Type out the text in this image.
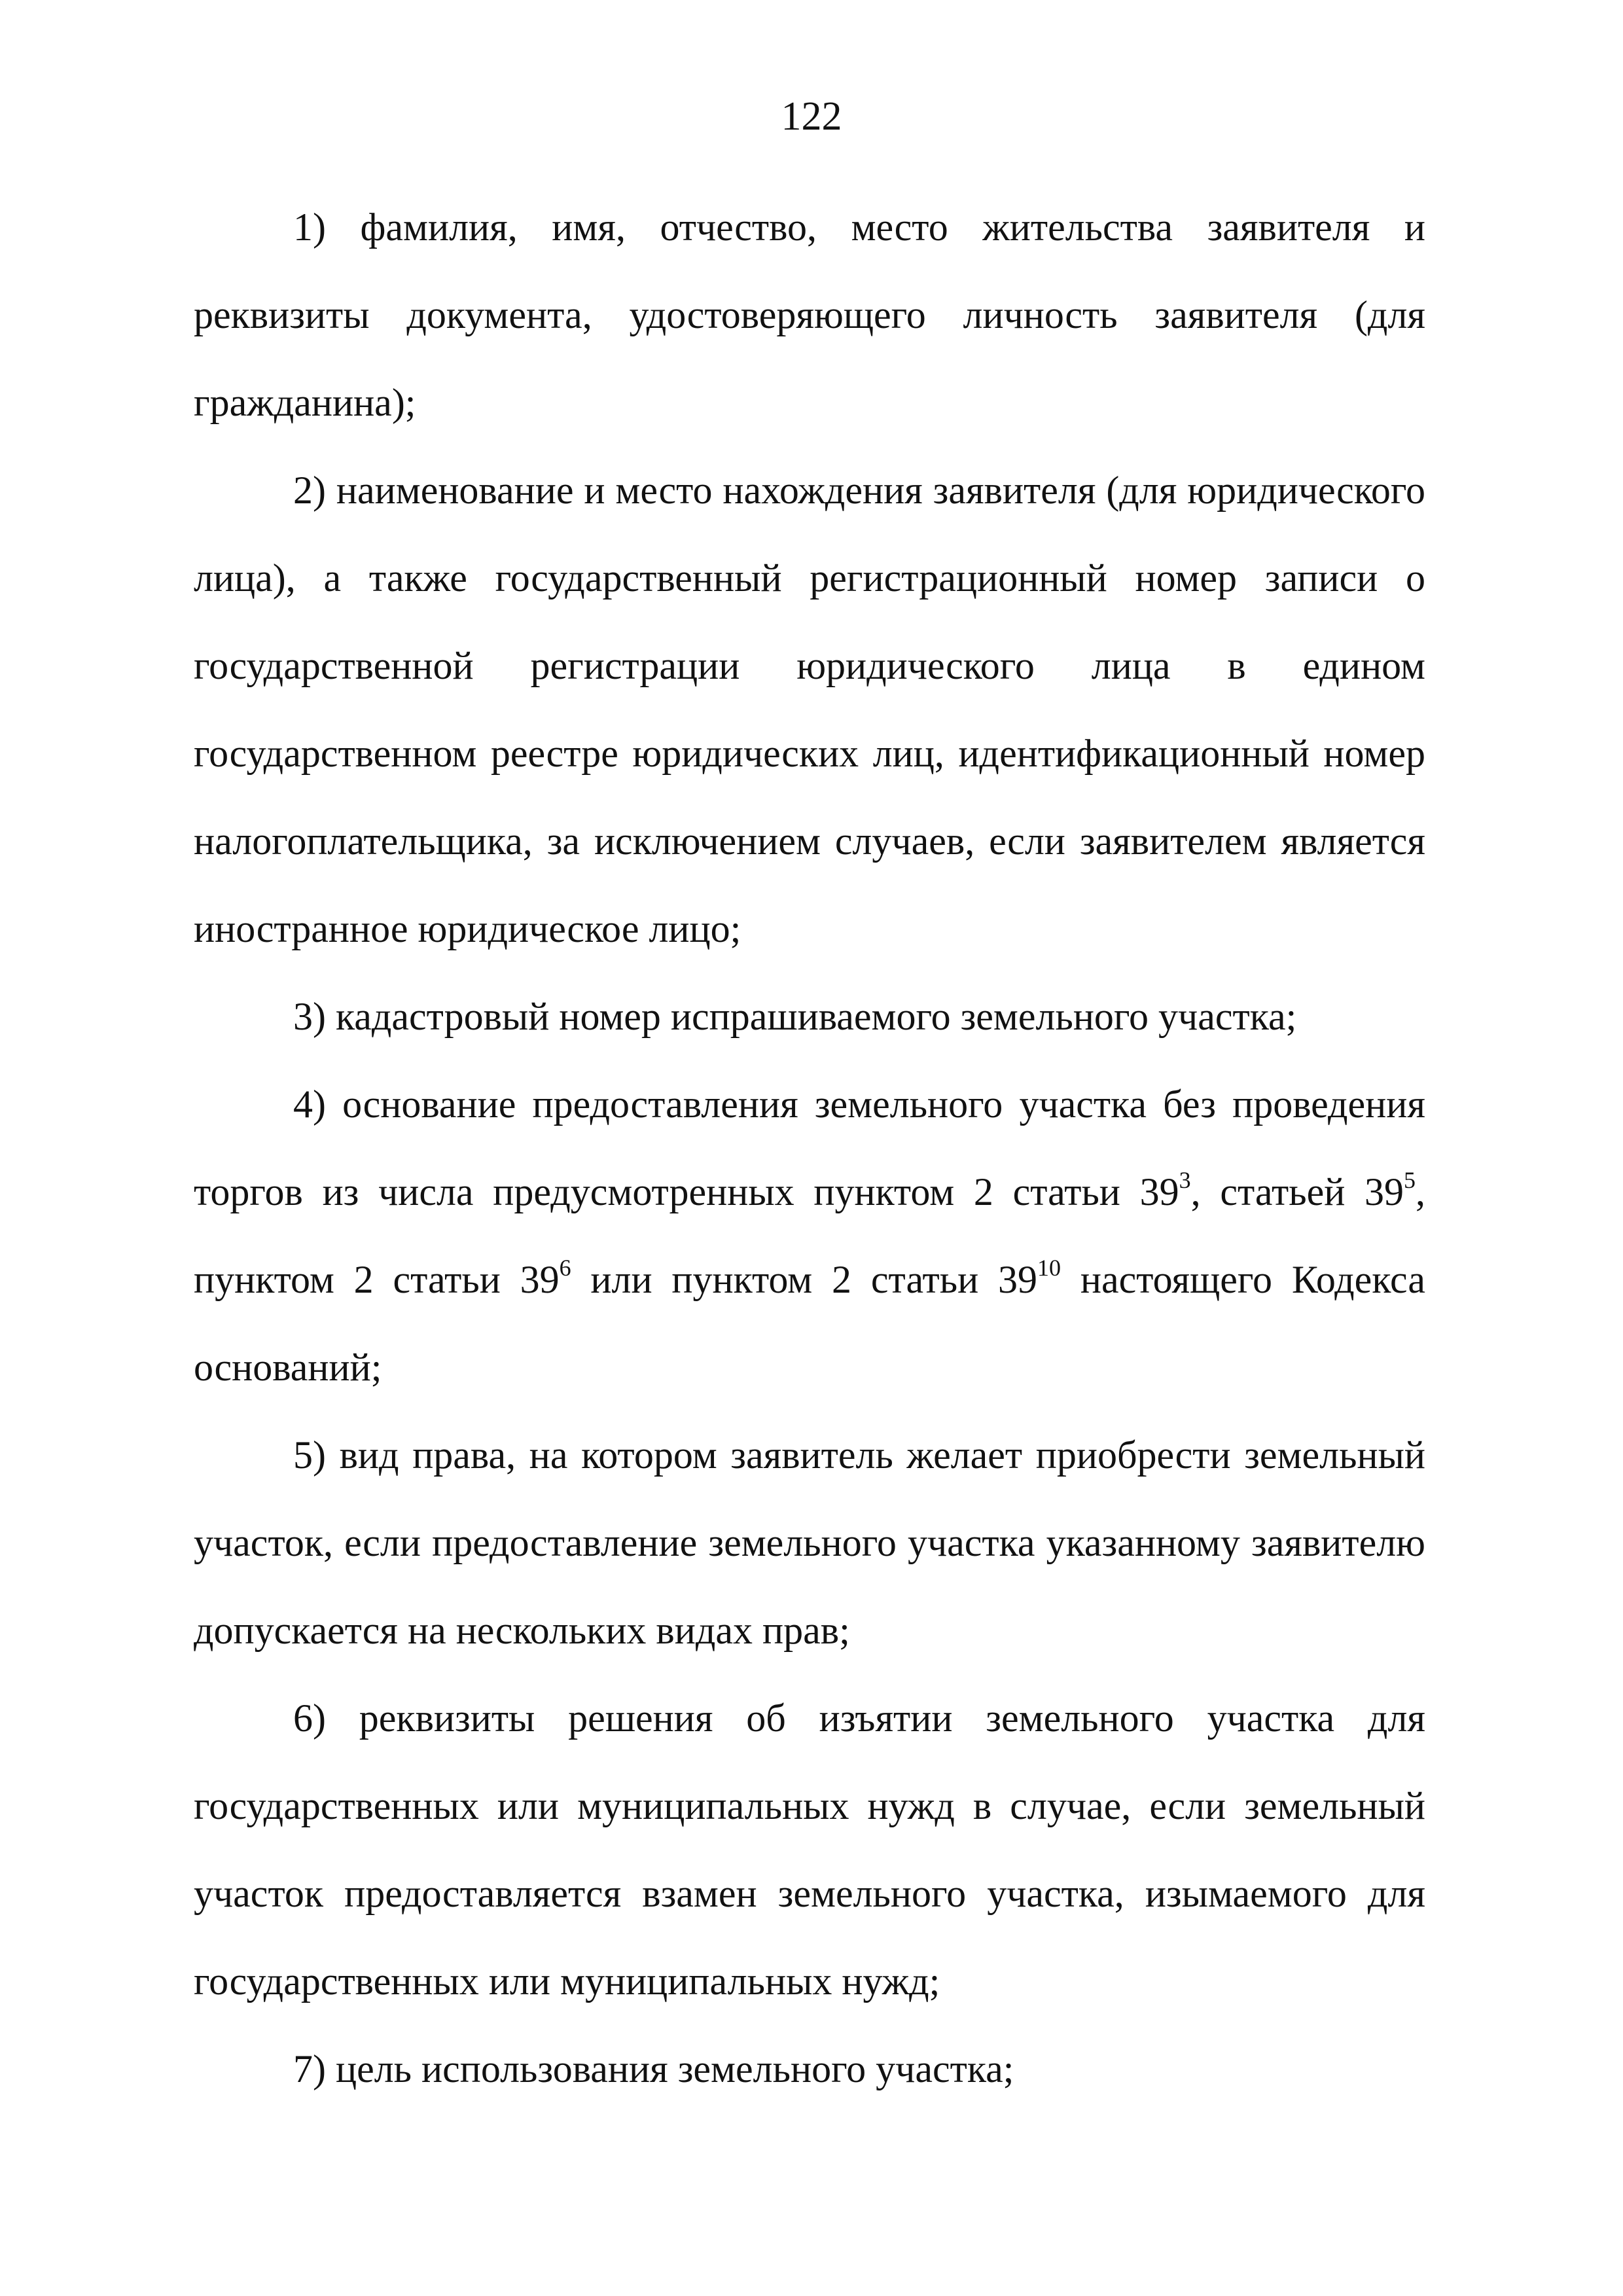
122

1) фамилия, имя, отчество, место жительства заявителя и реквизиты документа, удостоверяющего личность заявителя (для гражданина);

2) наименование и место нахождения заявителя (для юридического лица), а также государственный регистрационный номер записи о государственной регистрации юридического лица в едином государственном реестре юридических лиц, идентификационный номер налогоплательщика, за исключением случаев, если заявителем является иностранное юридическое лицо;

3) кадастровый номер испрашиваемого земельного участка;

4) основание предоставления земельного участка без проведения торгов из числа предусмотренных пунктом 2 статьи $39^3$, статьей $39^5$, пунктом 2 статьи $39^6$ или пунктом 2 статьи $39^{10}$ настоящего Кодекса оснований;

5) вид права, на котором заявитель желает приобрести земельный участок, если предоставление земельного участка указанному заявителю допускается на нескольких видах прав;

6) реквизиты решения об изъятии земельного участка для государственных или муниципальных нужд в случае, если земельный участок предоставляется взамен земельного участка, изымаемого для государственных или муниципальных нужд;

7) цель использования земельного участка;
